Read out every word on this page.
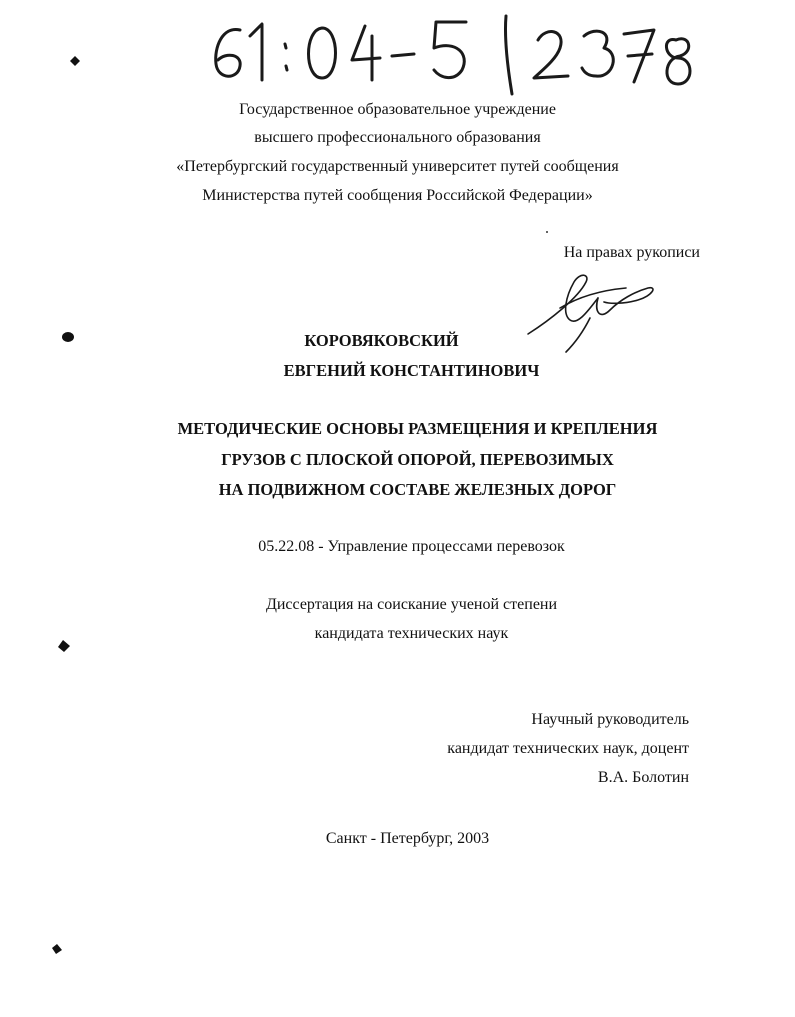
Государственное образовательное учреждение
высшего профессионального образования
«Петербургский государственный университет путей сообщения
Министерства путей сообщения Российской Федерации»
На правах рукописи
КОРОВЯКОВСКИЙ
ЕВГЕНИЙ КОНСТАНТИНОВИЧ
МЕТОДИЧЕСКИЕ ОСНОВЫ РАЗМЕЩЕНИЯ И КРЕПЛЕНИЯ
ГРУЗОВ С ПЛОСКОЙ ОПОРОЙ, ПЕРЕВОЗИМЫХ
НА ПОДВИЖНОМ СОСТАВЕ ЖЕЛЕЗНЫХ ДОРОГ
05.22.08 - Управление процессами перевозок
Диссертация на соискание ученой степени
кандидата технических наук
Научный руководитель
кандидат технических наук, доцент
В.А. Болотин
Санкт - Петербург, 2003
